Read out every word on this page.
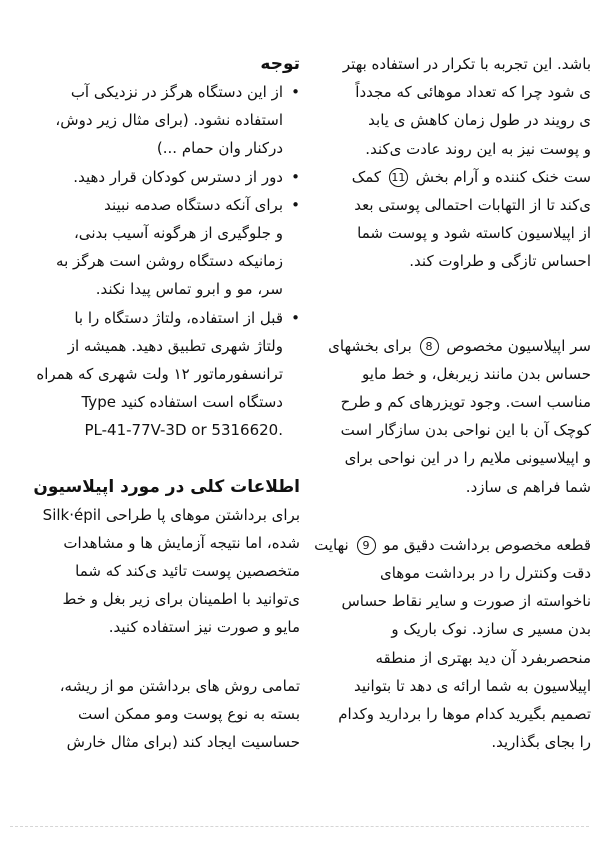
باشد. این تجربه با تکرار در استفاده بهتر

ی شود چرا که تعداد موهائی که مجدداً

ی رویند در طول زمان کاهش ی یابد

و پوست نیز به این روند عادت ی‌کند.

ست خنک کننده و آرام بخش 11 کمک

ی‌کند تا از التهابات احتمالی پوستی بعد

از اپیلاسیون کاسته شود و پوست شما

احساس تازگی و طراوت کند.

سر اپیلاسیون مخصوص 8 برای بخشهای

حساس بدن مانند زیربغل، و خط مایو

مناسب است. وجود تویزرهای کم و طرح

کوچک آن با این نواحی بدن سازگار است

و اپیلاسیونی ملایم را در این نواحی برای

شما فراهم ی سازد.

قطعه مخصوص برداشت دقیق مو 9 نهایت

دقت وکنترل را در برداشت موهای

ناخواسته از صورت و سایر نقاط حساس

بدن مسیر ی سازد. نوک باریک و

منحصربفرد آن دید بهتری از منطقه

اپیلاسیون به شما ارائه ی دهد تا بتوانید

تصمیم بگیرید کدام موها را بردارید وکدام

را بجای بگذارید.

توجه
•

از این دستگاه هرگز در نزدیکی آب

استفاده نشود. (برای مثال زیر دوش،

درکنار وان حمام ...)

•

دور از دسترس کودکان قرار دهید.

•

برای آنکه دستگاه صدمه نبیند

و جلوگیری از هرگونه آسیب بدنی،

زمانیکه دستگاه روشن است هرگز به

سر، مو و ابرو تماس پیدا نکند.

•

قبل از استفاده، ولتاژ دستگاه را با

ولتاژ شهری تطبیق دهید. همیشه از

ترانسفورماتور ۱۲ ولت شهری که همراه

دستگاه است استفاده کنید Type

.PL-41-77V-3D or 5316620

اطلاعات کلی در مورد اپیلاسیون

برای برداشتن موهای پا طراحی Silk·épil

شده، اما نتیجه آزمایش ها و مشاهدات

متخصصین پوست تائید ی‌کند که شما

ی‌توانید با اطمینان برای زیر بغل و خط

مایو و صورت نیز استفاده کنید.

تمامی روش های برداشتن مو از ریشه،

بسته به نوع پوست ومو ممکن است

حساسیت ایجاد کند (برای مثال خارش
